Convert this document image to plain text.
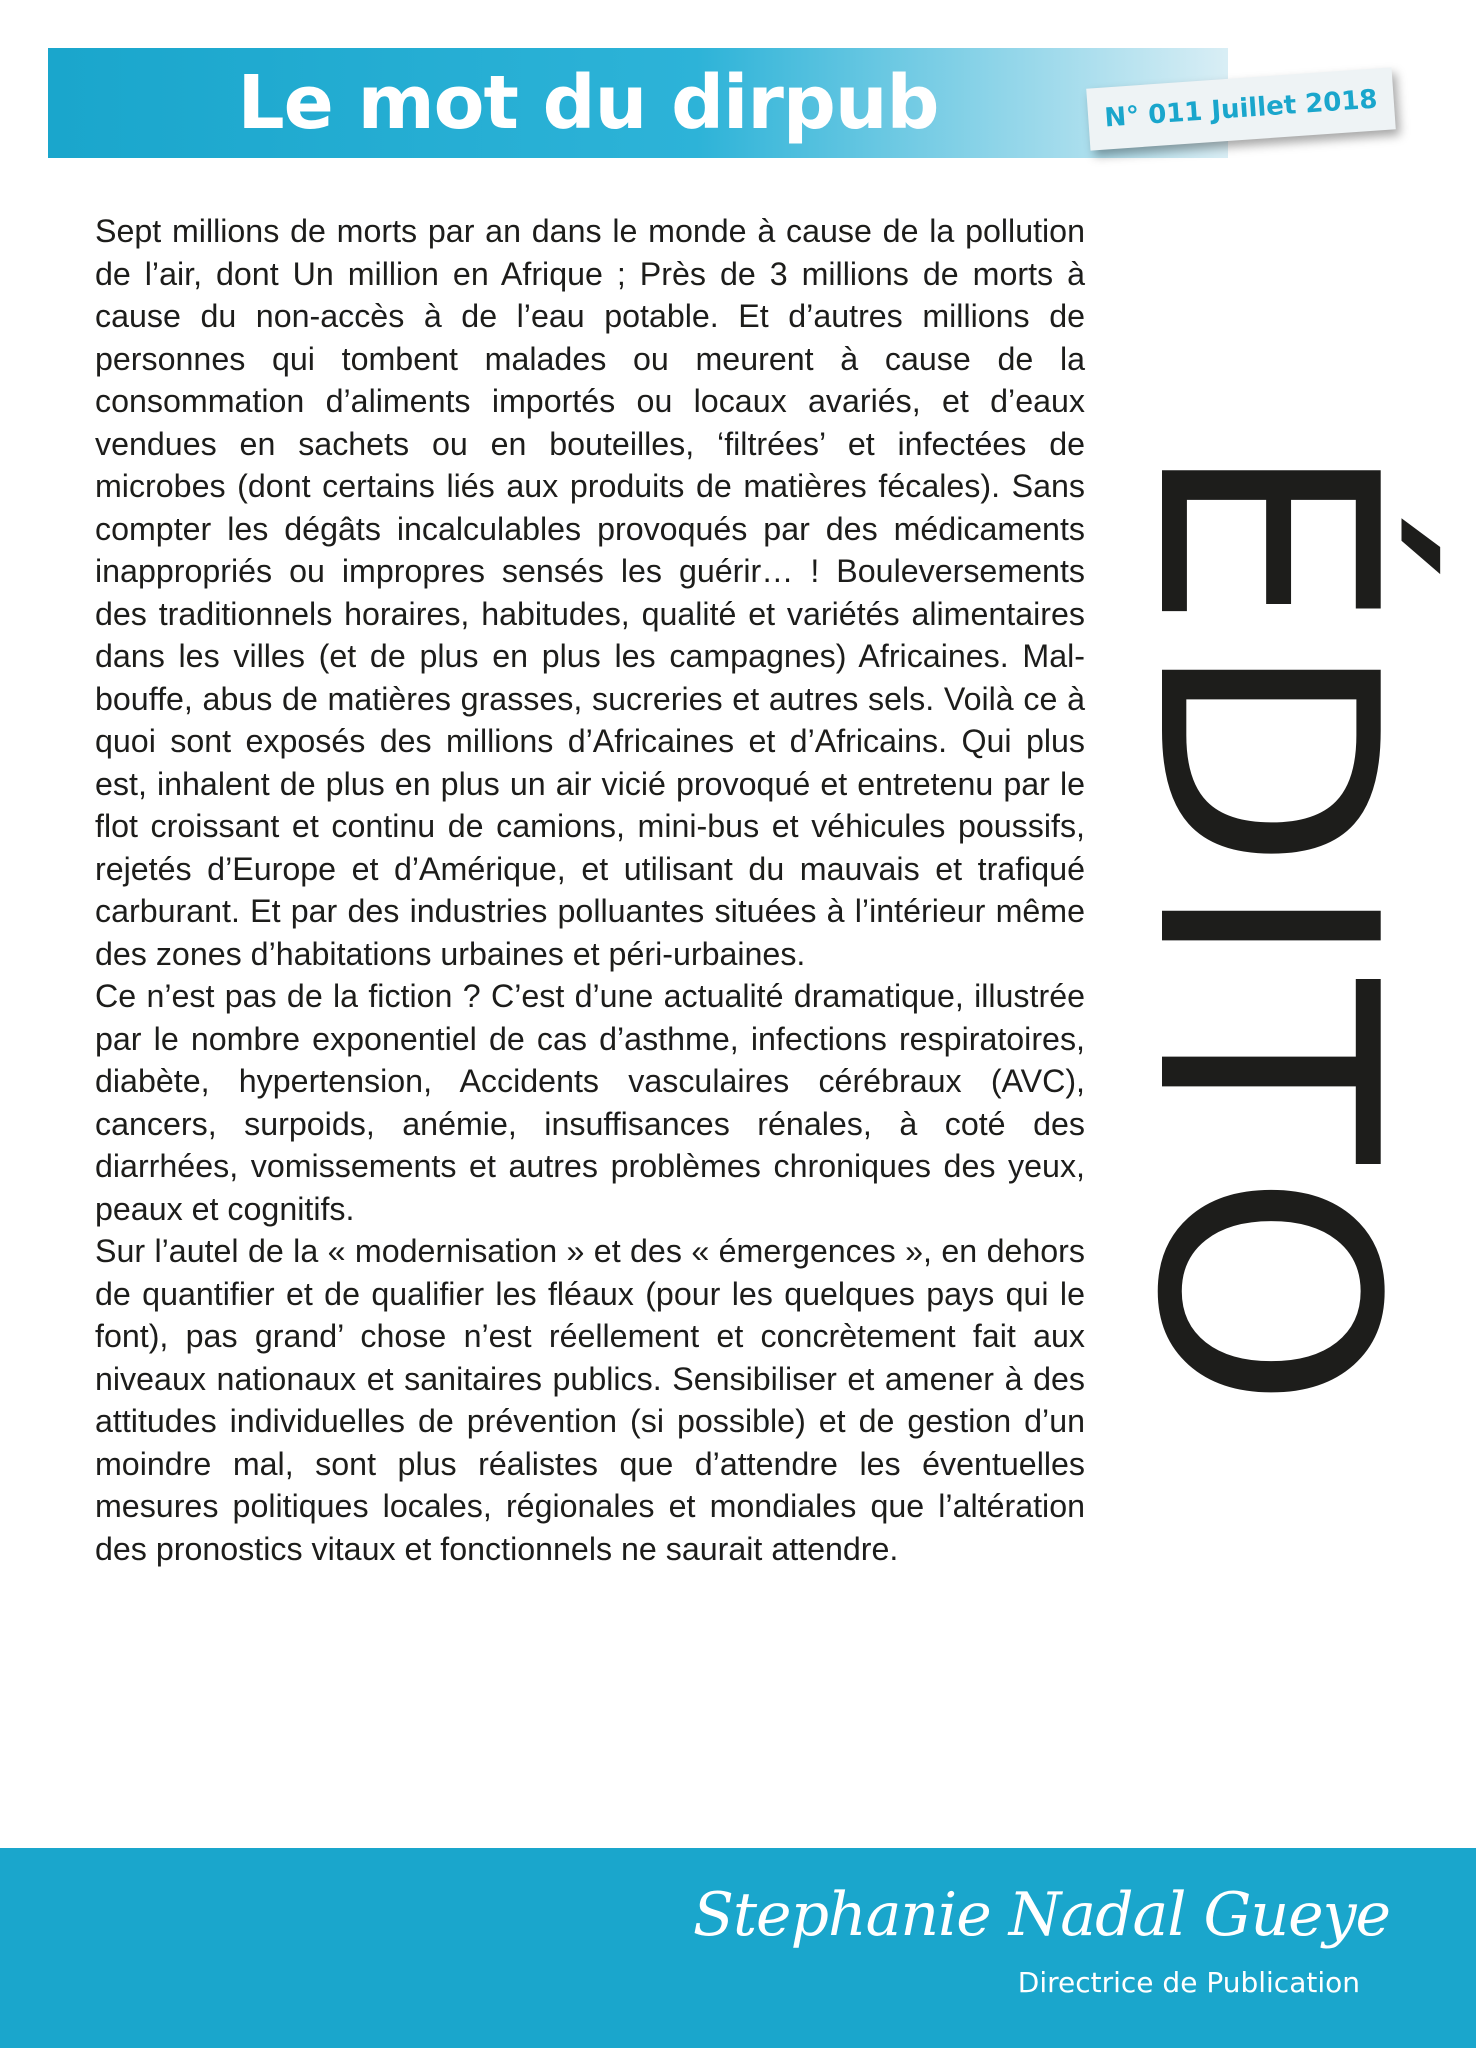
Le mot du dirpub	N° 011 Juillet 2018
ÉDITO

Sept millions de morts par an dans le monde à cause de la pollution de l’air, dont Un million en Afrique ; Près de 3 millions de morts à cause du non-accès à de l’eau potable. Et d’autres millions de personnes qui tombent malades ou meurent à cause de la consommation d’aliments importés ou locaux avariés, et d’eaux vendues en sachets ou en bouteilles, ‘filtrées’ et infectées de microbes (dont certains liés aux produits de matières fécales). Sans compter les dégâts incalculables provoqués par des médicaments inappropriés ou impropres sensés les guérir… ! Bouleversements des traditionnels horaires, habitudes, qualité et variétés alimentaires dans les villes (et de plus en plus les campagnes) Africaines. Mal-bouffe, abus de matières grasses, sucreries et autres sels. Voilà ce à quoi sont exposés des millions d’Africaines et d’Africains. Qui plus est, inhalent de plus en plus un air vicié provoqué et entretenu par le flot croissant et continu de camions, mini-bus et véhicules poussifs, rejetés d’Europe et d’Amérique, et utilisant du mauvais et trafiqué carburant. Et par des industries polluantes situées à l’intérieur même des zones d’habitations urbaines et péri-urbaines.

Ce n’est pas de la fiction ? C’est d’une actualité dramatique, illustrée par le nombre exponentiel de cas d’asthme, infections respiratoires, diabète, hypertension, Accidents vasculaires cérébraux (AVC), cancers, surpoids, anémie, insuffisances rénales, à coté des diarrhées, vomissements et autres problèmes chroniques des yeux, peaux et cognitifs.

Sur l’autel de la « modernisation » et des « émergences », en dehors de quantifier et de qualifier les fléaux (pour les quelques pays qui le font), pas grand’ chose n’est réellement et concrètement fait aux niveaux nationaux et sanitaires publics. Sensibiliser et amener à des attitudes individuelles de prévention (si possible) et de gestion d’un moindre mal, sont plus réalistes que d’attendre les éventuelles mesures politiques locales, régionales et mondiales que l’altération des pronostics vitaux et fonctionnels ne saurait attendre.

Stephanie Nadal Gueye
Directrice de Publication
